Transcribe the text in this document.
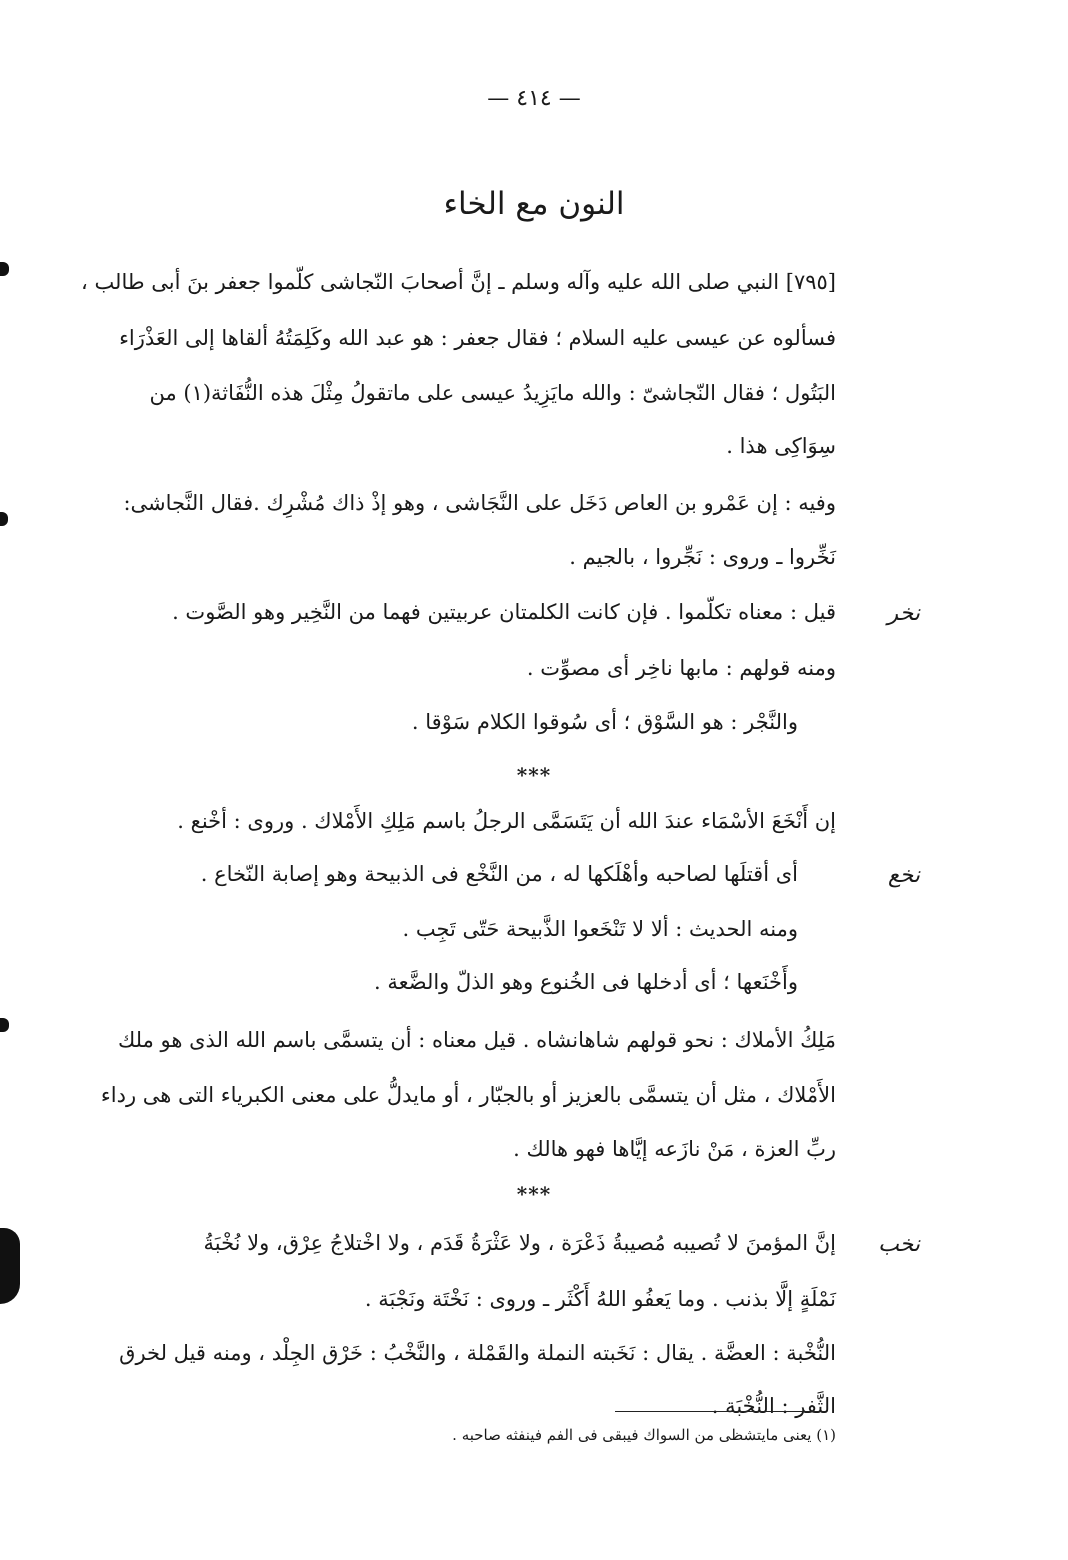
— ٤١٤ —
النون مع الخاء
[٧٩٥] النبي صلى الله عليه وآله وسلم ـ إنَّ أصحابَ النّجاشى كلّموا جعفر بنَ أبى طالب ،
فسألوه عن عيسى عليه السلام ؛ فقال جعفر : هو عبد الله وكَلِمَتُهُ ألقاها إلى العَذْرَاء
البَتُول ؛ فقال النّجاشىّ : والله مايَزِيدُ عيسى على ماتقولُ مِثْلَ هذه النُّفَاثة(١) من
سِوَاكِى هذا .
وفيه : إن عَمْرو بن العاص دَخَل على النَّجَاشى ، وهو إذْ ذاك مُشْرِك .فقال النَّجاشى:
نَخِّروا ـ وروى : نَجِّروا ، بالجيم .
نخر
قيل : معناه تكلّموا . فإن كانت الكلمتان عربيتين فهما من النَّخِير وهو الصَّوت .
ومنه قولهم : مابها ناخِر أى مصوِّت .
والنَّجْر : هو السَّوْق ؛ أى سُوقوا الكلام سَوْقا .
***
إن أَنْخَعَ الأسْمَاء عندَ الله أن يَتَسَمَّى الرجلُ باسم مَلِكِ الأَمْلاك . وروى : أخْنع .
نخع
أى أقتلَها لصاحبه وأهْلَكها له ، من النَّخْع فى الذبيحة وهو إصابة النّخاع .
ومنه الحديث : ألا لا تَنْخَعوا الذَّبيحة حَتّى تَجِب .
وأَخْنَعها ؛ أى أدخلها فى الخُنوع وهو الذلّ والضَّعة .
مَلِكُ الأملاك : نحو قولهم شاهانشاه . قيل معناه : أن يتسمَّى باسم الله الذى هو ملك
الأَمْلاك ، مثل أن يتسمَّى بالعزيز أو بالجبّار ، أو مايدلُّ على معنى الكبرياء التى هى رداء
ربِّ العزة ، مَنْ نازَعه إيَّاها فهو هالك .
***
نخب
إنَّ المؤمنَ لا تُصيبه مُصيبةُ ذَعْرَة ، ولا عَثْرَةُ قَدَم ، ولا اخْتلاجُ عِرْق، ولا نُخْبَةُ
نَمْلَةٍ إلَّا بذنب . وما يَعفُو اللهُ أَكْثَر ـ وروى : نَخْتَة ونَجْبَة .
النُّخْبة : العضَّة . يقال : نَخَبته النملة والقَمْلة ، والنَّخْبُ : خَرْق الجِلْد ، ومنه قيل لخرق
الثَّفر : النُّخْبَة .
(١) يعنى مايتشظى من السواك فيبقى فى الفم فينفثه صاحبه .
